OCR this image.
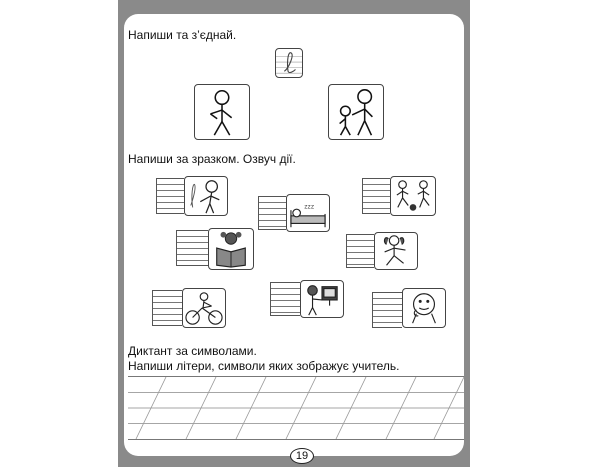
Напиши та з’єднай.
Напиши за зразком. Озвуч дії.
zzz
Диктант за символами.
Напиши літери, символи яких зображує учитель.
19
